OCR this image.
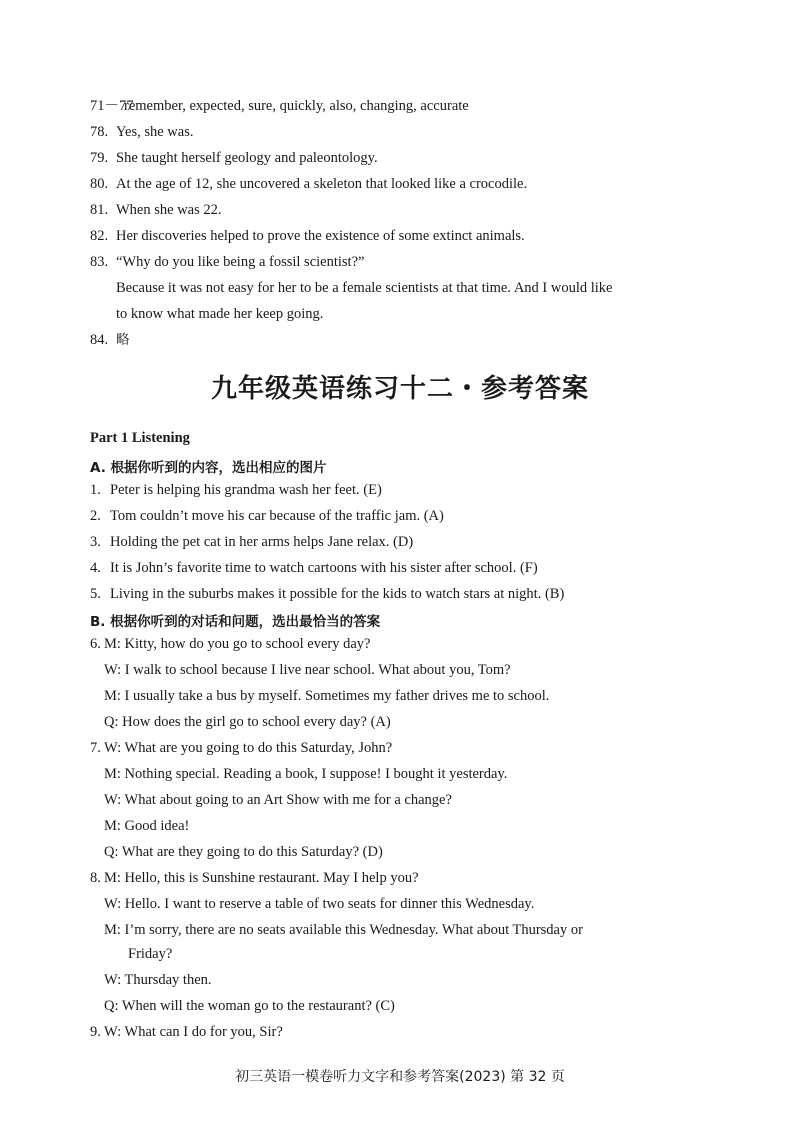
71－77remember, expected, sure, quickly, also, changing, accurate
78. Yes, she was.
79. She taught herself geology and paleontology.
80. At the age of 12, she uncovered a skeleton that looked like a crocodile.
81. When she was 22.
82. Her discoveries helped to prove the existence of some extinct animals.
83. “Why do you like being a fossil scientist?”
Because it was not easy for her to be a female scientists at that time. And I would like
to know what made her keep going.
84. 略
九年级英语练习十二・参考答案
Part 1 Listening
A. 根据你听到的内容，选出相应的图片
1. Peter is helping his grandma wash her feet. (E)
2. Tom couldn’t move his car because of the traffic jam. (A)
3. Holding the pet cat in her arms helps Jane relax. (D)
4. It is John’s favorite time to watch cartoons with his sister after school. (F)
5. Living in the suburbs makes it possible for the kids to watch stars at night. (B)
B. 根据你听到的对话和问题，选出最恰当的答案
6. M: Kitty, how do you go to school every day?
W: I walk to school because I live near school. What about you, Tom?
M: I usually take a bus by myself. Sometimes my father drives me to school.
Q: How does the girl go to school every day? (A)
7. W: What are you going to do this Saturday, John?
M: Nothing special. Reading a book, I suppose! I bought it yesterday.
W: What about going to an Art Show with me for a change?
M: Good idea!
Q: What are they going to do this Saturday? (D)
8. M: Hello, this is Sunshine restaurant. May I help you?
W: Hello. I want to reserve a table of two seats for dinner this Wednesday.
M: I’m sorry, there are no seats available this Wednesday. What about Thursday or
Friday?
W: Thursday then.
Q: When will the woman go to the restaurant? (C)
9. W: What can I do for you, Sir?
初三英语一模卷听力文字和参考答案(2023) 第 32 页
